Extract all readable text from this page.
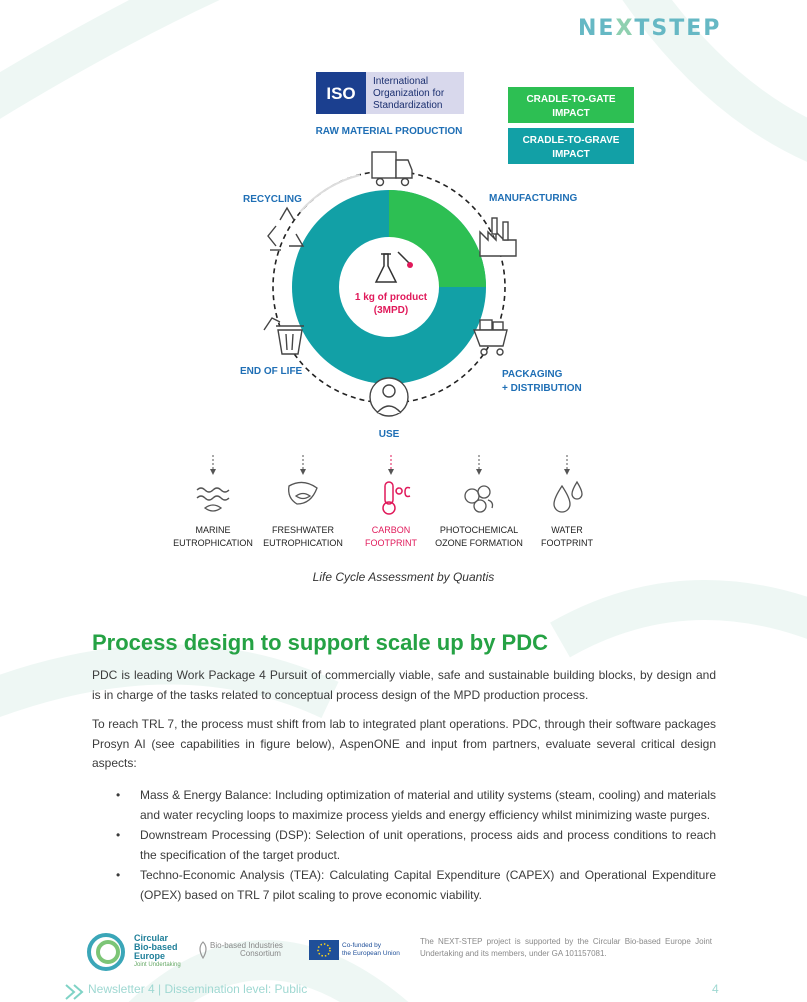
NEXTSTEP
ISO
International
Organization for
Standardization
CRADLE-TO-GATE
IMPACT
CRADLE-TO-GRAVE
IMPACT
1 kg of product
(3MPD)
RAW MATERIAL PRODUCTION
MANUFACTURING
PACKAGING
+ DISTRIBUTION
USE
END OF LIFE
RECYCLING
MARINE
EUTROPHICATION
FRESHWATER
EUTROPHICATION
CARBON
FOOTPRINT
PHOTOCHEMICAL
OZONE FORMATION
WATER
FOOTPRINT
Life Cycle Assessment by Quantis
Process design to support scale up by PDC

PDC is leading Work Package 4 Pursuit of commercially viable, safe and sustainable building blocks, by design and is in charge of the tasks related to conceptual process design of the MPD production process.

To reach TRL 7, the process must shift from lab to integrated plant operations. PDC, through their software packages Prosyn AI (see capabilities in figure below), AspenONE and input from partners, evaluate several critical design aspects:

• Mass & Energy Balance: Including optimization of material and utility systems (steam, cooling) and materials and water recycling loops to maximize process yields and energy efficiency whilst minimizing waste purges.
• Downstream Processing (DSP): Selection of unit operations, process aids and process conditions to reach the specification of the target product.
• Techno-Economic Analysis (TEA): Calculating Capital Expenditure (CAPEX) and Operational Expenditure (OPEX) based on TRL 7 pilot scaling to prove economic viability.
Circular
Bio-based
Europe
Joint Undertaking
Bio-based Industries
Consortium
Co-funded by
the European Union

The NEXT-STEP project is supported by the Circular Bio-based Europe Joint Undertaking and its members, under GA 101157081.

Newsletter 4 | Dissemination level: Public	4
